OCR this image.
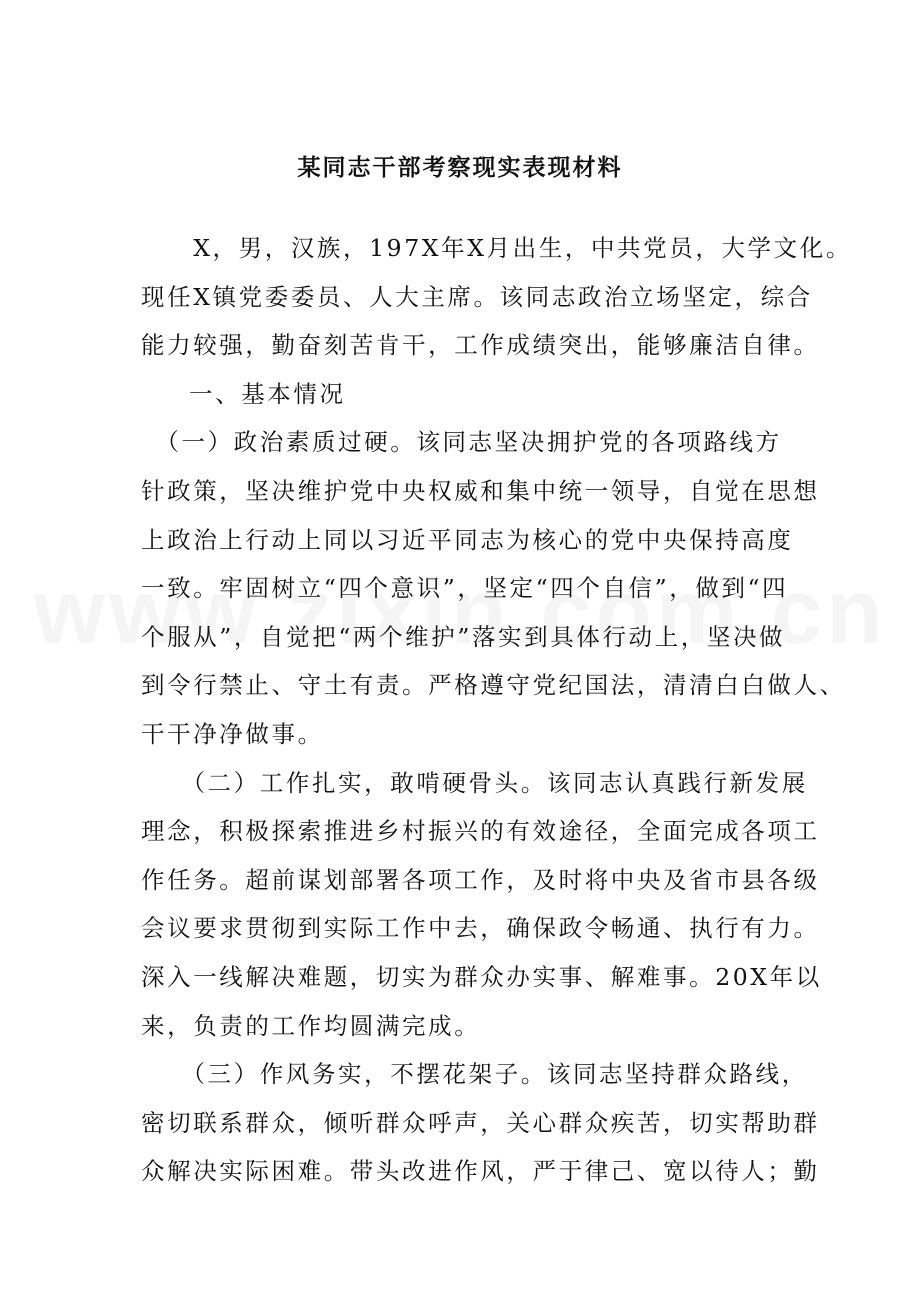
某同志干部考察现实表现材料
　　X，男，汉族，197X年X月出生，中共党员，大学文化。
现任X镇党委委员、人大主席。该同志政治立场坚定，综合
能力较强，勤奋刻苦肯干，工作成绩突出，能够廉洁自律。
一、基本情况
　（一）政治素质过硬。该同志坚决拥护党的各项路线方
针政策，坚决维护党中央权威和集中统一领导，自觉在思想
上政治上行动上同以习近平同志为核心的党中央保持高度
一致。牢固树立“四个意识”，坚定“四个自信”，做到“四
个服从”，自觉把“两个维护”落实到具体行动上，坚决做
到令行禁止、守土有责。严格遵守党纪国法，清清白白做人、
干干净净做事。
　　（二）工作扎实，敢啃硬骨头。该同志认真践行新发展
理念，积极探索推进乡村振兴的有效途径，全面完成各项工
作任务。超前谋划部署各项工作，及时将中央及省市县各级
会议要求贯彻到实际工作中去，确保政令畅通、执行有力。
深入一线解决难题，切实为群众办实事、解难事。20X年以
来，负责的工作均圆满完成。
　　（三）作风务实，不摆花架子。该同志坚持群众路线，
密切联系群众，倾听群众呼声，关心群众疾苦，切实帮助群
众解决实际困难。带头改进作风，严于律己、宽以待人；勤
